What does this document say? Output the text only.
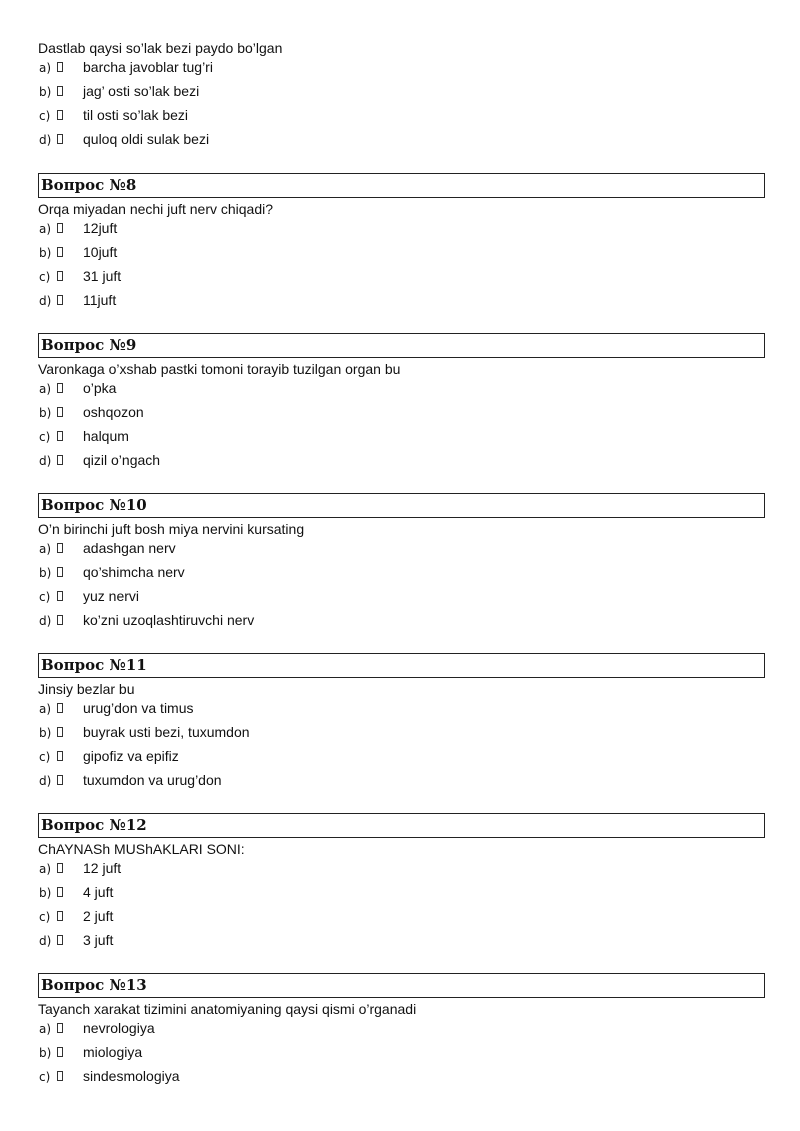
Dastlab qaysi so’lak bezi paydo bo’lgan
a) barcha javoblar tug’ri
b) jag’ osti so’lak bezi
c) til osti so’lak bezi
d) quloq oldi sulak bezi
Вопрос №8
Orqa miyadan nechi juft nerv chiqadi?
a) 12juft
b) 10juft
c) 31 juft
d) 11juft
Вопрос №9
Varonkaga o’xshab pastki tomoni torayib tuzilgan organ bu
a) o’pka
b) oshqozon
c) halqum
d) qizil o’ngach
Вопрос №10
O’n birinchi juft bosh miya nervini kursating
a) adashgan nerv
b) qo’shimcha nerv
c) yuz nervi
d) ko’zni uzoqlashtiruvchi nerv
Вопрос №11
Jinsiy bezlar bu
a) urug’don va timus
b) buyrak usti bezi, tuxumdon
c) gipofiz va epifiz
d) tuxumdon va urug’don
Вопрос №12
ChAYNASh MUShAKLARI SONI:
a) 12 juft
b) 4 juft
c) 2 juft
d) 3 juft
Вопрос №13
Tayanch xarakat tizimini anatomiyaning qaysi qismi o’rganadi
a) nevrologiya
b) miologiya
c) sindesmologiya
